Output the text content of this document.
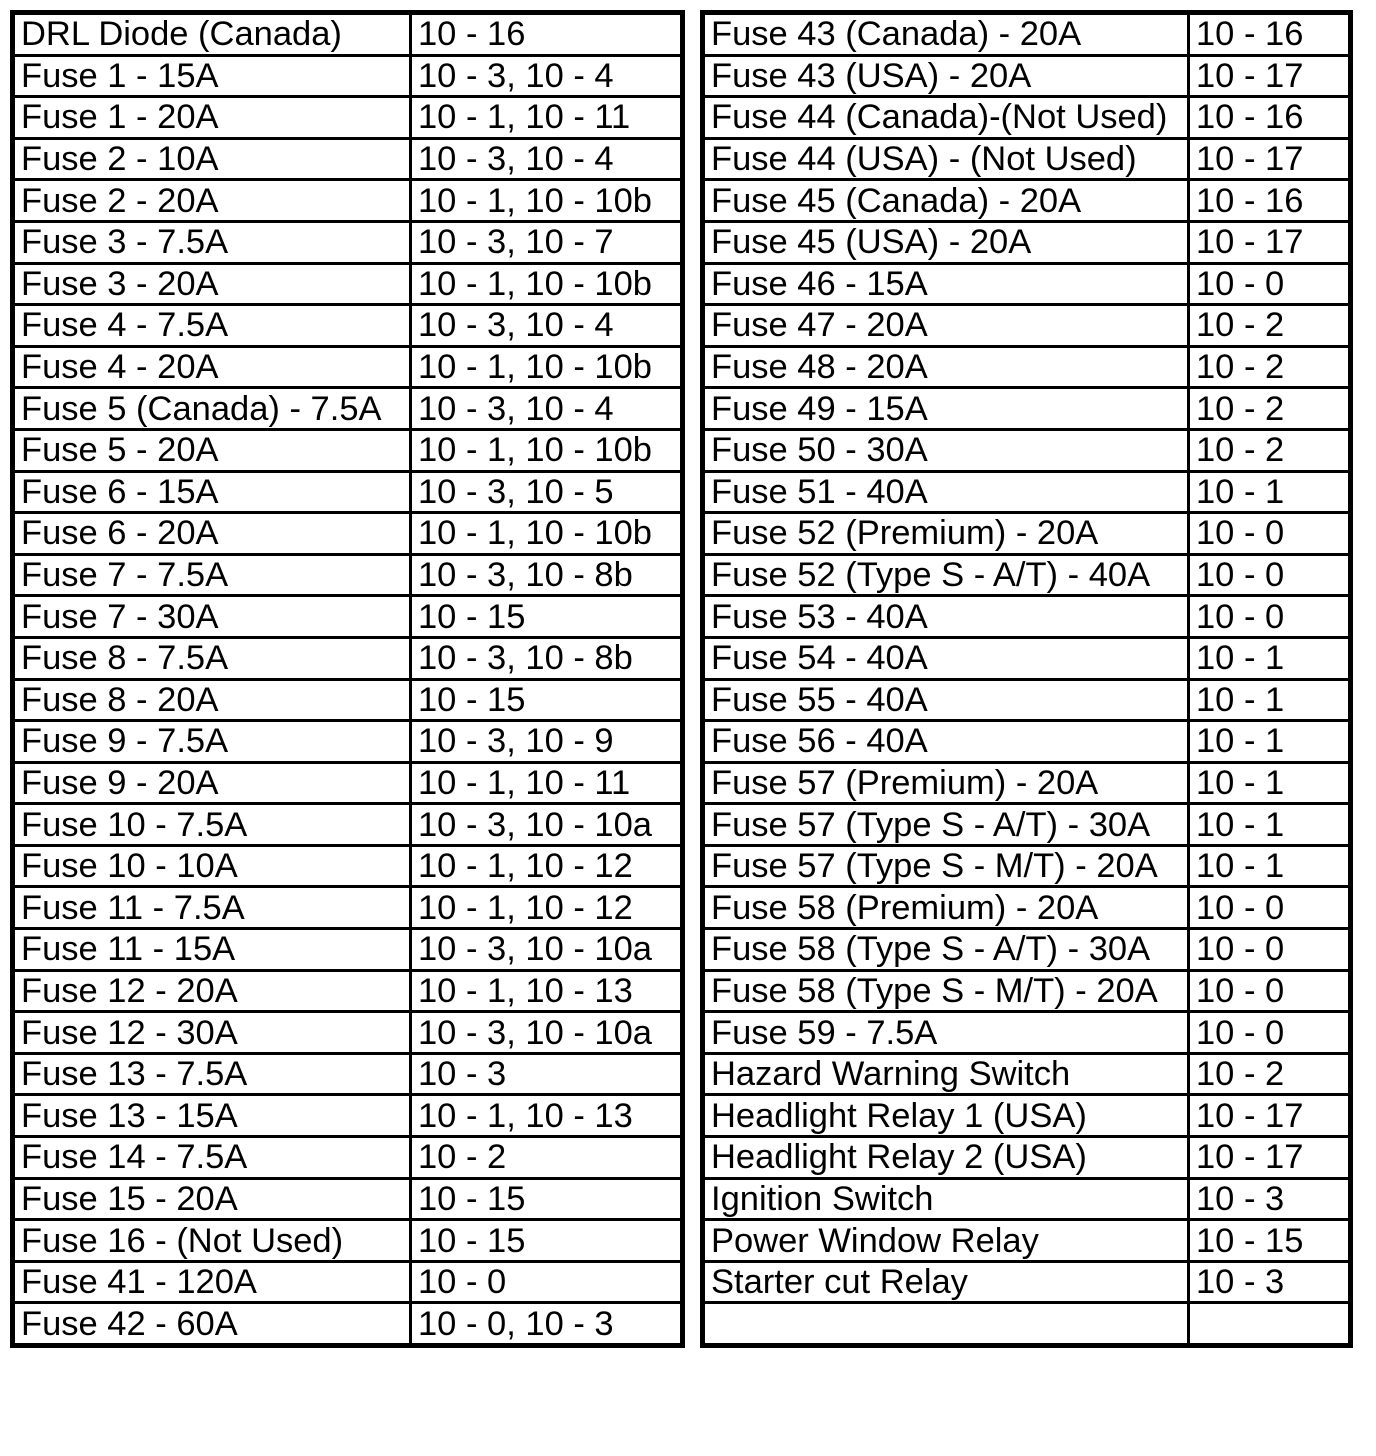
DRL Diode (Canada)	10 - 16
Fuse 1 - 15A	10 - 3, 10 - 4
Fuse 1 - 20A	10 - 1, 10 - 11
Fuse 2 - 10A	10 - 3, 10 - 4
Fuse 2 - 20A	10 - 1, 10 - 10b
Fuse 3 - 7.5A	10 - 3, 10 - 7
Fuse 3 - 20A	10 - 1, 10 - 10b
Fuse 4 - 7.5A	10 - 3, 10 - 4
Fuse 4 - 20A	10 - 1, 10 - 10b
Fuse 5 (Canada) - 7.5A	10 - 3, 10 - 4
Fuse 5 - 20A	10 - 1, 10 - 10b
Fuse 6 - 15A	10 - 3, 10 - 5
Fuse 6 - 20A	10 - 1, 10 - 10b
Fuse 7 - 7.5A	10 - 3, 10 - 8b
Fuse 7 - 30A	10 - 15
Fuse 8 - 7.5A	10 - 3, 10 - 8b
Fuse 8 - 20A	10 - 15
Fuse 9 - 7.5A	10 - 3, 10 - 9
Fuse 9 - 20A	10 - 1, 10 - 11
Fuse 10 - 7.5A	10 - 3, 10 - 10a
Fuse 10 - 10A	10 - 1, 10 - 12
Fuse 11 - 7.5A	10 - 1, 10 - 12
Fuse 11 - 15A	10 - 3, 10 - 10a
Fuse 12 - 20A	10 - 1, 10 - 13
Fuse 12 - 30A	10 - 3, 10 - 10a
Fuse 13 - 7.5A	10 - 3
Fuse 13 - 15A	10 - 1, 10 - 13
Fuse 14 - 7.5A	10 - 2
Fuse 15 - 20A	10 - 15
Fuse 16 - (Not Used)	10 - 15
Fuse 41 - 120A	10 - 0
Fuse 42 - 60A	10 - 0, 10 - 3
Fuse 43 (Canada) - 20A	10 - 16
Fuse 43 (USA) - 20A	10 - 17
Fuse 44 (Canada)-(Not Used)	10 - 16
Fuse 44 (USA) - (Not Used)	10 - 17
Fuse 45 (Canada) - 20A	10 - 16
Fuse 45 (USA) - 20A	10 - 17
Fuse 46 - 15A	10 - 0
Fuse 47 - 20A	10 - 2
Fuse 48 - 20A	10 - 2
Fuse 49 - 15A	10 - 2
Fuse 50 - 30A	10 - 2
Fuse 51 - 40A	10 - 1
Fuse 52 (Premium) - 20A	10 - 0
Fuse 52 (Type S - A/T) - 40A	10 - 0
Fuse 53 - 40A	10 - 0
Fuse 54 - 40A	10 - 1
Fuse 55 - 40A	10 - 1
Fuse 56 - 40A	10 - 1
Fuse 57 (Premium) - 20A	10 - 1
Fuse 57 (Type S - A/T) - 30A	10 - 1
Fuse 57 (Type S - M/T) - 20A	10 - 1
Fuse 58 (Premium) - 20A	10 - 0
Fuse 58 (Type S - A/T) - 30A	10 - 0
Fuse 58 (Type S - M/T) - 20A	10 - 0
Fuse 59 - 7.5A	10 - 0
Hazard Warning Switch	10 - 2
Headlight Relay 1 (USA)	10 - 17
Headlight Relay 2 (USA)	10 - 17
Ignition Switch	10 - 3
Power Window Relay	10 - 15
Starter cut Relay	10 - 3
